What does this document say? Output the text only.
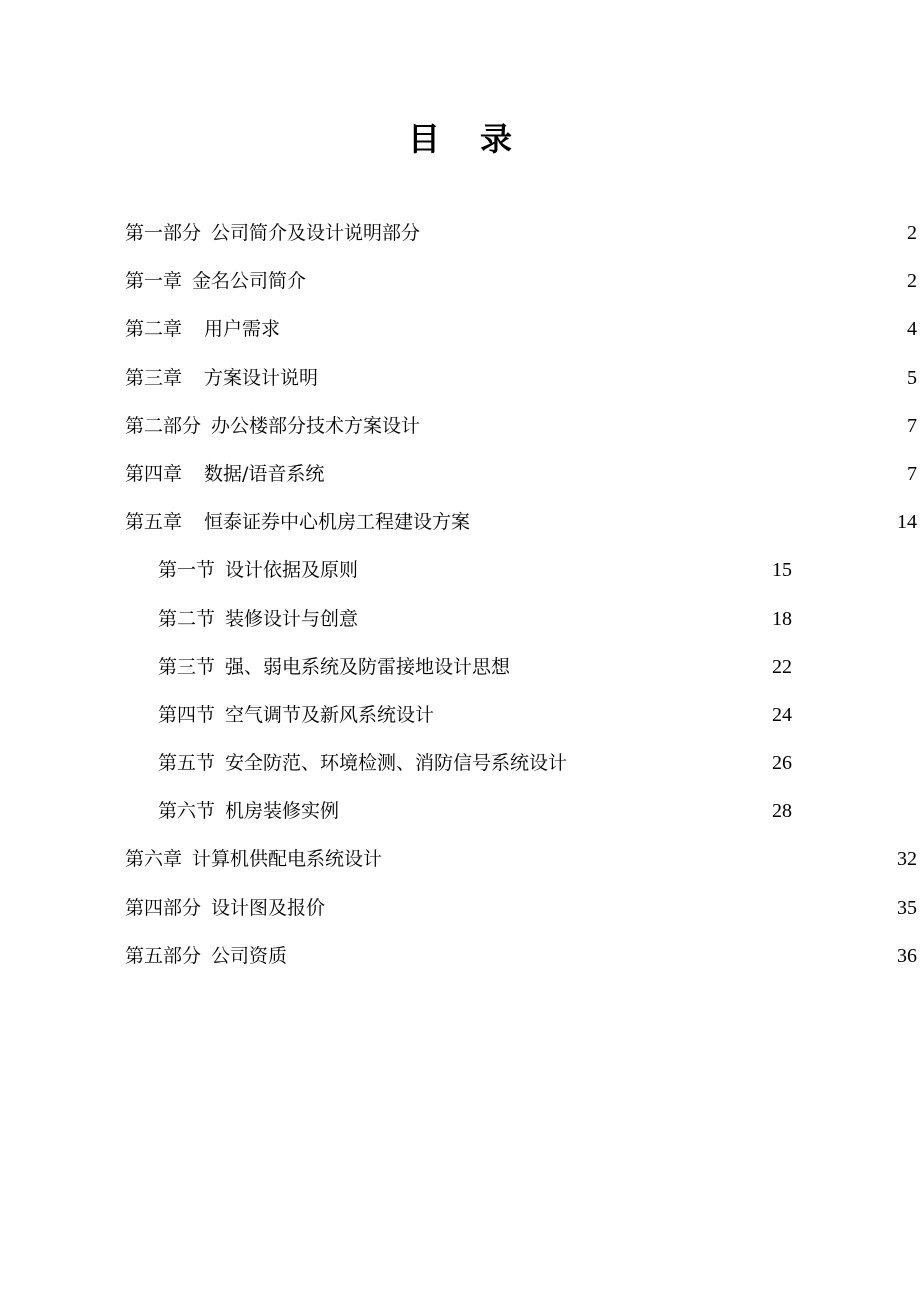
目 录
第一部分 公司简介及设计说明部分	2
第一章 金名公司简介	2
第二章 用户需求	4
第三章 方案设计说明	5
第二部分 办公楼部分技术方案设计	7
第四章 数据/语音系统	7
第五章 恒泰证券中心机房工程建设方案	14
第一节 设计依据及原则	15
第二节 装修设计与创意	18
第三节 强、弱电系统及防雷接地设计思想	22
第四节 空气调节及新风系统设计	24
第五节 安全防范、环境检测、消防信号系统设计	26
第六节 机房装修实例	28
第六章 计算机供配电系统设计	32
第四部分 设计图及报价	35
第五部分 公司资质	36
